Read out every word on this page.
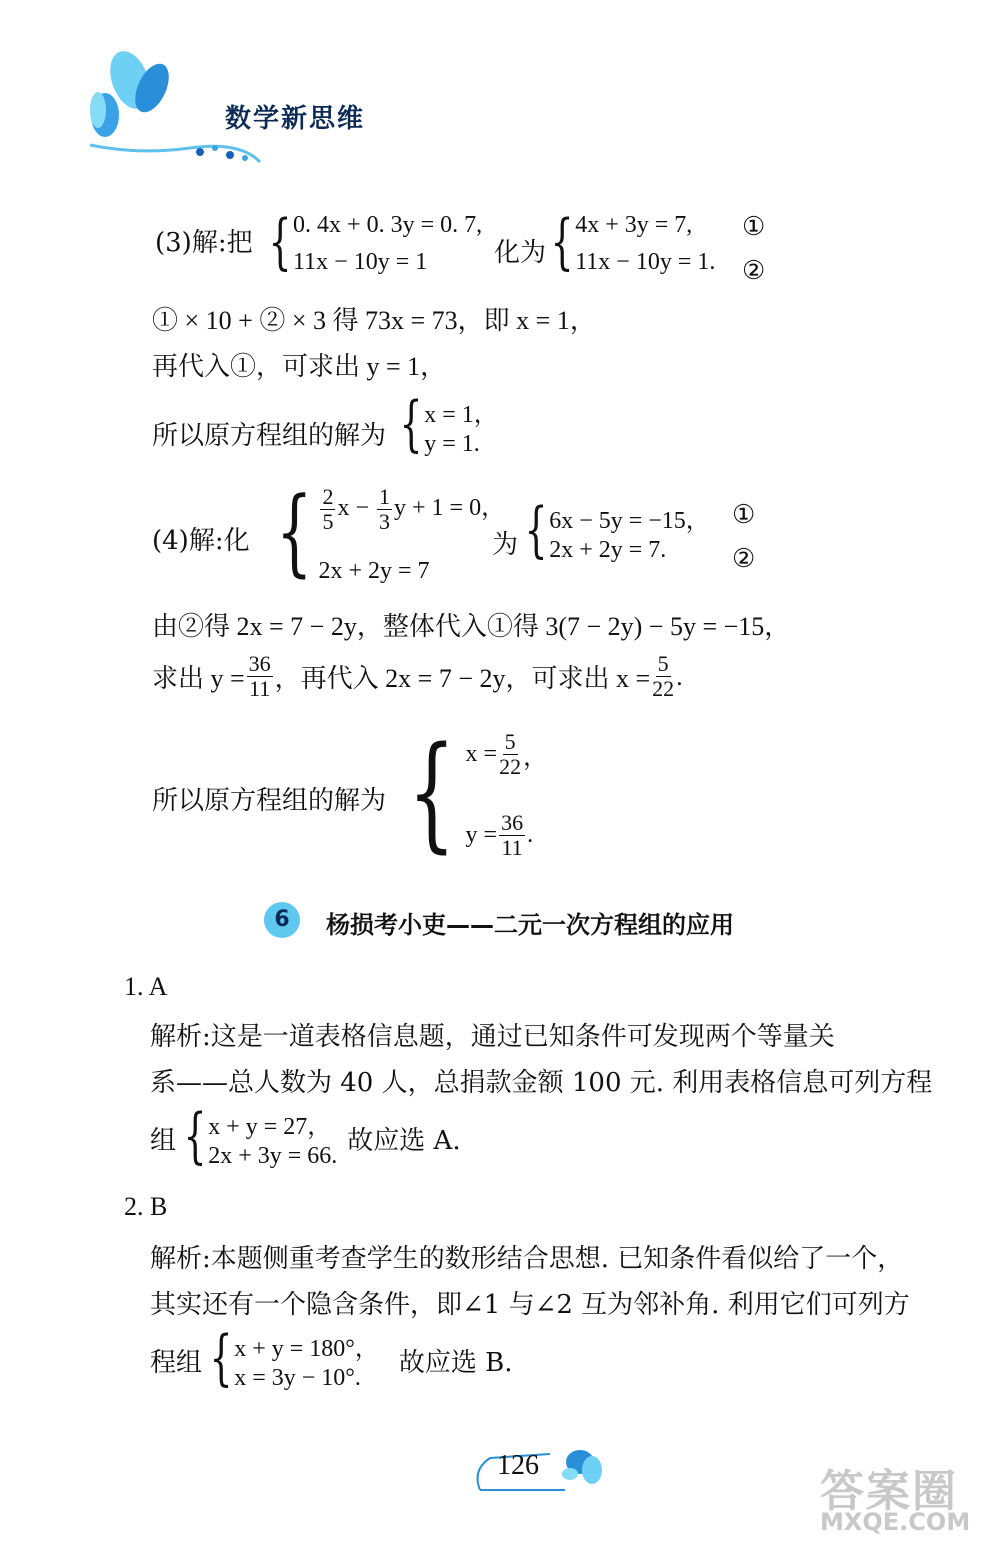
数学新思维
(3)解:把 { 0. 4x + 0. 3y = 0. 7,
11x − 10y = 1	化为 { 4x + 3y = 7,
11x − 10y = 1.
①
②
① × 10 + ② × 3 得 73x = 73，即 x = 1，
再代入①，可求出 y = 1，
所以原方程组的解为 { x = 1，
y = 1.
(4)解:化 { $\frac{2}{5}$ $x - \frac{1}{3}$ y + 1 = 0，
2x + 2y = 7
为 { 6x − 5y = −15，
2x + 2y = 7.
①
②
由②得 2x = 7 − 2y，整体代入①得 3(7 − 2y) − 5y = −15，
求出 $y = \frac{36}{11}$ ，再代入 2x = 7 − 2y，可求出 $x = \frac{5}{22}$ .
所以原方程组的解为 { $x = \frac{5}{22}$ ，
$y = \frac{36}{11}$ .
6	杨损考小吏——二元一次方程组的应用
1. A
解析:这是一道表格信息题，通过已知条件可发现两个等量关
系——总人数为 40 人，总捐款金额 100 元. 利用表格信息可列方程
组 { x + y = 27，
2x + 3y = 66.
故应选 A.
2. B
解析:本题侧重考查学生的数形结合思想. 已知条件看似给了一个，
其实还有一个隐含条件，即∠1 与∠2 互为邻补角. 利用它们可列方
程组 { x + y = 180°，
x = 3y − 10°.
故应选 B.
126
答案圈
MXQE.COM
